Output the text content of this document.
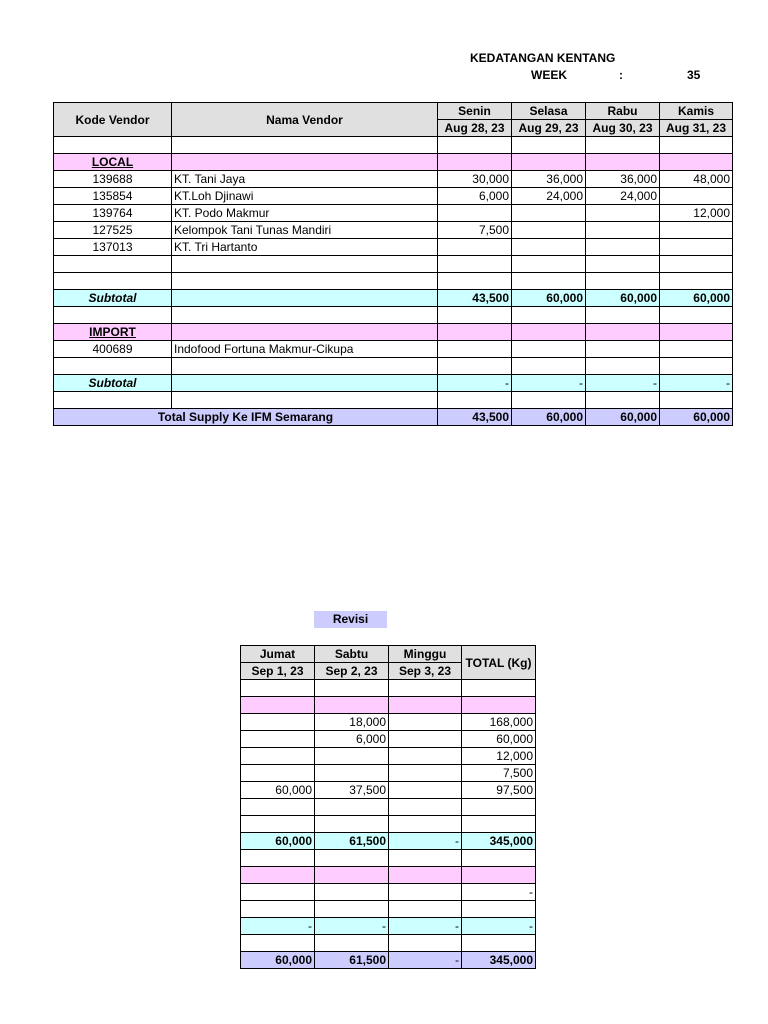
KEDATANGAN KENTANG
WEEK	:	35
Kode Vendor	Nama Vendor	Senin	Selasa	Rabu	Kamis
		Aug 28, 23	Aug 29, 23	Aug 30, 23	Aug 31, 23

LOCAL					
139688	KT. Tani Jaya	30,000	36,000	36,000	48,000
135854	KT.Loh Djinawi	6,000	24,000	24,000	
139764	KT. Podo Makmur				12,000
127525	Kelompok Tani Tunas Mandiri	7,500			
137013	KT. Tri Hartanto				

Subtotal		43,500	60,000	60,000	60,000

IMPORT					
400689	Indofood Fortuna Makmur-Cikupa				

Subtotal		-	-	-	-

Total Supply Ke IFM Semarang		43,500	60,000	60,000	60,000
Revisi
Jumat	Sabtu	Minggu	TOTAL (Kg)
Sep 1, 23	Sep 2, 23	Sep 3, 23	

	18,000		168,000
	6,000		60,000
			12,000
			7,500
60,000	37,500		97,500

60,000	61,500	-	345,000

			-

-	-	-	-

60,000	61,500	-	345,000
